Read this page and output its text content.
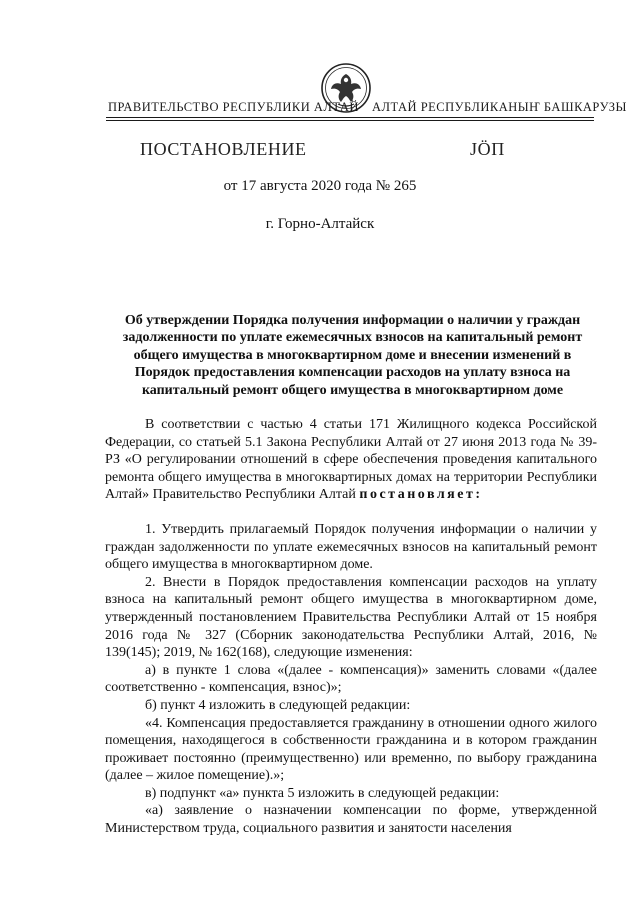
ПРАВИТЕЛЬСТВО РЕСПУБЛИКИ АЛТАЙ АЛТАЙ РЕСПУБЛИКАНЫҤ БАШКАРУЗЫ
ПОСТАНОВЛЕНИЕ	ЈÖП
от 17 августа 2020 года № 265
г. Горно-Алтайск
Об утверждении Порядка получения информации о наличии у граждан задолженности по уплате ежемесячных взносов на капитальный ремонт общего имущества в многоквартирном доме и внесении изменений в Порядок предоставления компенсации расходов на уплату взноса на капитальный ремонт общего имущества в многоквартирном доме

В соответствии с частью 4 статьи 171 Жилищного кодекса Российской Федерации, со статьей 5.1 Закона Республики Алтай от 27 июня 2013 года № 39-РЗ «О регулировании отношений в сфере обеспечения проведения капитального ремонта общего имущества в многоквартирных домах на территории Республики Алтай» Правительство Республики Алтай постановляет:

1. Утвердить прилагаемый Порядок получения информации о наличии у граждан задолженности по уплате ежемесячных взносов на капитальный ремонт общего имущества в многоквартирном доме.

2. Внести в Порядок предоставления компенсации расходов на уплату взноса на капитальный ремонт общего имущества в многоквартирном доме, утвержденный постановлением Правительства Республики Алтай от 15 ноября 2016 года № 327 (Сборник законодательства Республики Алтай, 2016, № 139(145); 2019, № 162(168), следующие изменения:

а) в пункте 1 слова «(далее - компенсация)» заменить словами «(далее соответственно - компенсация, взнос)»;

б) пункт 4 изложить в следующей редакции:

«4. Компенсация предоставляется гражданину в отношении одного жилого помещения, находящегося в собственности гражданина и в котором гражданин проживает постоянно (преимущественно) или временно, по выбору гражданина (далее – жилое помещение).»;

в) подпункт «а» пункта 5 изложить в следующей редакции:

«а) заявление о назначении компенсации по форме, утвержденной Министерством труда, социального развития и занятости населения
